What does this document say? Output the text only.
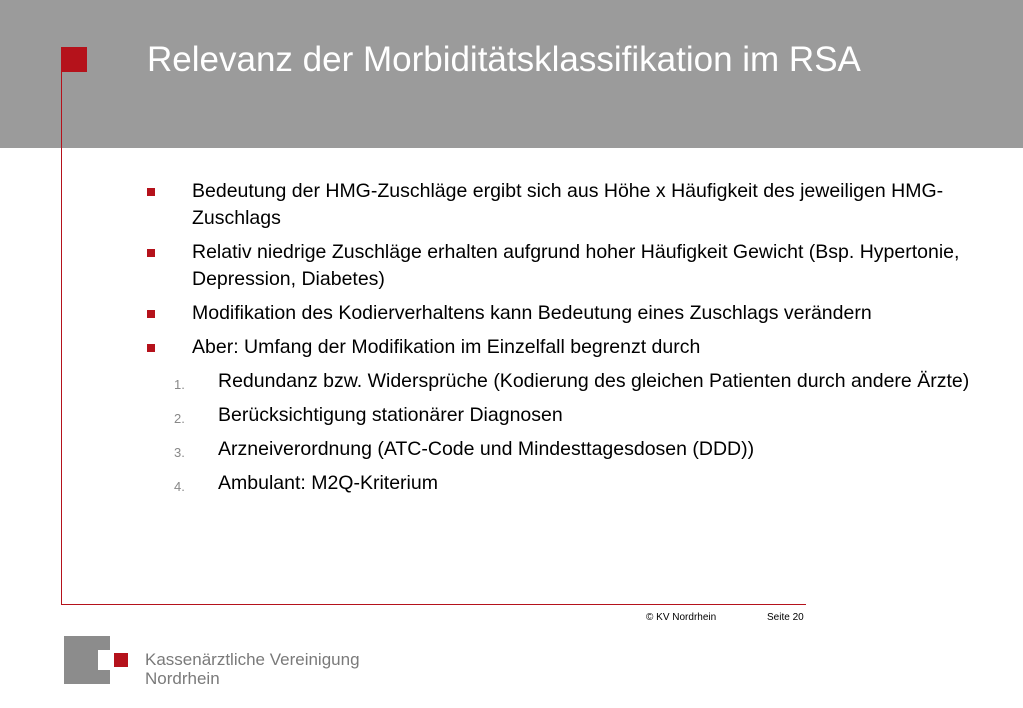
Relevanz der Morbiditätsklassifikation im RSA
Bedeutung der HMG-Zuschläge ergibt sich aus Höhe x Häufigkeit des jeweiligen HMG-Zuschlags
Relativ niedrige Zuschläge erhalten aufgrund hoher Häufigkeit Gewicht (Bsp. Hypertonie, Depression, Diabetes)
Modifikation des Kodierverhaltens kann Bedeutung eines Zuschlags verändern
Aber: Umfang der Modifikation im Einzelfall begrenzt durch
1. Redundanz bzw. Widersprüche (Kodierung des gleichen Patienten durch andere Ärzte)
2. Berücksichtigung stationärer Diagnosen
3. Arzneiverordnung (ATC-Code und Mindesttagesdosen (DDD))
4. Ambulant: M2Q-Kriterium
© KV Nordrhein	Seite 20
Kassenärztliche Vereinigung
Nordrhein
